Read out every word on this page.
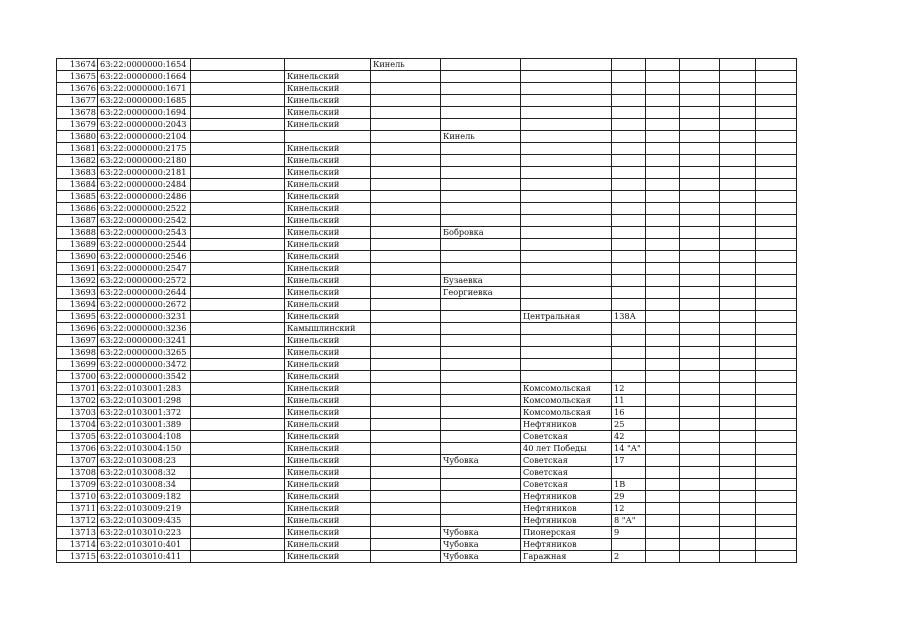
13674	63:22:0000000:1654			Кинель							
13675	63:22:0000000:1664		Кинельский								
13676	63:22:0000000:1671		Кинельский								
13677	63:22:0000000:1685		Кинельский								
13678	63:22:0000000:1694		Кинельский								
13679	63:22:0000000:2043		Кинельский								
13680	63:22:0000000:2104				Кинель						
13681	63:22:0000000:2175		Кинельский								
13682	63:22:0000000:2180		Кинельский								
13683	63:22:0000000:2181		Кинельский								
13684	63:22:0000000:2484		Кинельский								
13685	63:22:0000000:2486		Кинельский								
13686	63:22:0000000:2522		Кинельский								
13687	63:22:0000000:2542		Кинельский								
13688	63:22:0000000:2543		Кинельский		Бобровка						
13689	63:22:0000000:2544		Кинельский								
13690	63:22:0000000:2546		Кинельский								
13691	63:22:0000000:2547		Кинельский								
13692	63:22:0000000:2572		Кинельский		Бузаевка						
13693	63:22:0000000:2644		Кинельский		Георгиевка						
13694	63:22:0000000:2672		Кинельский								
13695	63:22:0000000:3231		Кинельский			Центральная	138А				
13696	63:22:0000000:3236		Камышлинский								
13697	63:22:0000000:3241		Кинельский								
13698	63:22:0000000:3265		Кинельский								
13699	63:22:0000000:3472		Кинельский								
13700	63:22:0000000:3542		Кинельский								
13701	63:22:0103001:283		Кинельский			Комсомольская	12				
13702	63:22:0103001:298		Кинельский			Комсомольская	11				
13703	63:22:0103001:372		Кинельский			Комсомольская	16				
13704	63:22:0103001:389		Кинельский			Нефтяников	25				
13705	63:22:0103004:108		Кинельский			Советская	42				
13706	63:22:0103004:150		Кинельский			40 лет Победы	14 "А"				
13707	63:22:0103008:23		Кинельский		Чубовка	Советская	17				
13708	63:22:0103008:32		Кинельский			Советская					
13709	63:22:0103008:34		Кинельский			Советская	1В				
13710	63:22:0103009:182		Кинельский			Нефтяников	29				
13711	63:22:0103009:219		Кинельский			Нефтяников	12				
13712	63:22:0103009:435		Кинельский			Нефтяников	8 "А"				
13713	63:22:0103010:223		Кинельский		Чубовка	Пионерская	9				
13714	63:22:0103010:401		Кинельский		Чубовка	Нефтяников					
13715	63:22:0103010:411		Кинельский		Чубовка	Гаражная	2				
